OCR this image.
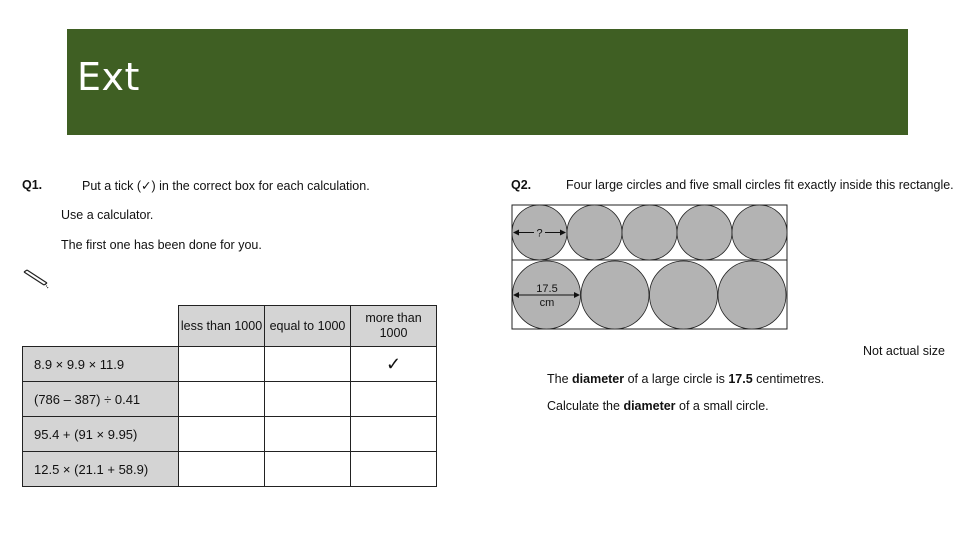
Ext
Q1.	Put a tick (✓) in the correct box for each calculation.
Use a calculator.
The first one has been done for you.
	less than 1000	equal to 1000	more than 1000
8.9 × 9.9 × 11.9			✓
(786 – 387) ÷ 0.41			
95.4 + (91 × 9.95)			
12.5 × (21.1 + 58.9)			
Q2.	Four large circles and five small circles fit exactly inside this rectangle.
?
17.5
cm
Not actual size
The diameter of a large circle is 17.5 centimetres.
Calculate the diameter of a small circle.
